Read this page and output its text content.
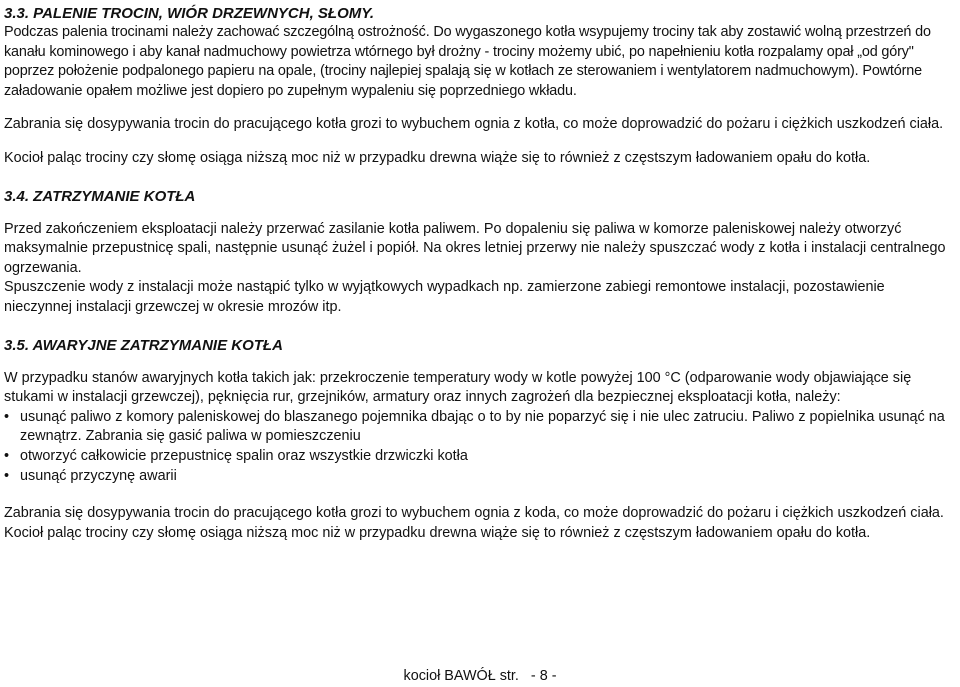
3.3. PALENIE TROCIN, WIÓR DRZEWNYCH, SŁOMY.

Podczas palenia trocinami należy zachować szczególną ostrożność. Do wygaszonego kotła wsypujemy trociny tak aby zostawić wolną przestrzeń do kanału kominowego i aby kanał nadmuchowy powietrza wtórnego był drożny - trociny możemy ubić, po napełnieniu kotła rozpalamy opał „od góry" poprzez położenie podpalonego papieru na opale, (trociny najlepiej spalają się w kotłach ze sterowaniem i wentylatorem nadmuchowym). Powtórne załadowanie opałem możliwe jest dopiero po zupełnym wypaleniu się poprzedniego wkładu.

Zabrania się dosypywania trocin do pracującego kotła grozi to wybuchem ognia z kotła, co może doprowadzić do pożaru i ciężkich uszkodzeń ciała.

Kocioł paląc trociny czy słomę osiąga niższą moc niż w przypadku drewna wiąże się to również z częstszym ładowaniem opału do kotła.

3.4. ZATRZYMANIE KOTŁA

Przed zakończeniem eksploatacji należy przerwać zasilanie kotła paliwem. Po dopaleniu się paliwa w komorze paleniskowej należy otworzyć maksymalnie przepustnicę spali, następnie usunąć żużel i popiół. Na okres letniej przerwy nie należy spuszczać wody z kotła i instalacji centralnego ogrzewania.

Spuszczenie wody z instalacji może nastąpić tylko w wyjątkowych wypadkach np. zamierzone zabiegi remontowe instalacji, pozostawienie nieczynnej instalacji grzewczej w okresie mrozów itp.

3.5. AWARYJNE ZATRZYMANIE KOTŁA

W przypadku stanów awaryjnych kotła takich jak: przekroczenie temperatury wody w kotle powyżej 100 °C (odparowanie wody objawiające się stukami w instalacji grzewczej), pęknięcia rur, grzejników, armatury oraz innych zagrożeń dla bezpiecznej eksploatacji kotła, należy:

• usunąć paliwo z komory paleniskowej do blaszanego pojemnika dbając o to by nie poparzyć się i nie ulec zatruciu. Paliwo z popielnika usunąć na zewnątrz. Zabrania się gasić paliwa w pomieszczeniu
• otworzyć całkowicie przepustnicę spalin oraz wszystkie drzwiczki kotła
• usunąć przyczynę awarii

Zabrania się dosypywania trocin do pracującego kotła grozi to wybuchem ognia z koda, co może doprowadzić do pożaru i ciężkich uszkodzeń ciała.

Kocioł paląc trociny czy słomę osiąga niższą moc niż w przypadku drewna wiąże się to również z częstszym ładowaniem opału do kotła.

kocioł BAWÓŁ str.   - 8 -
